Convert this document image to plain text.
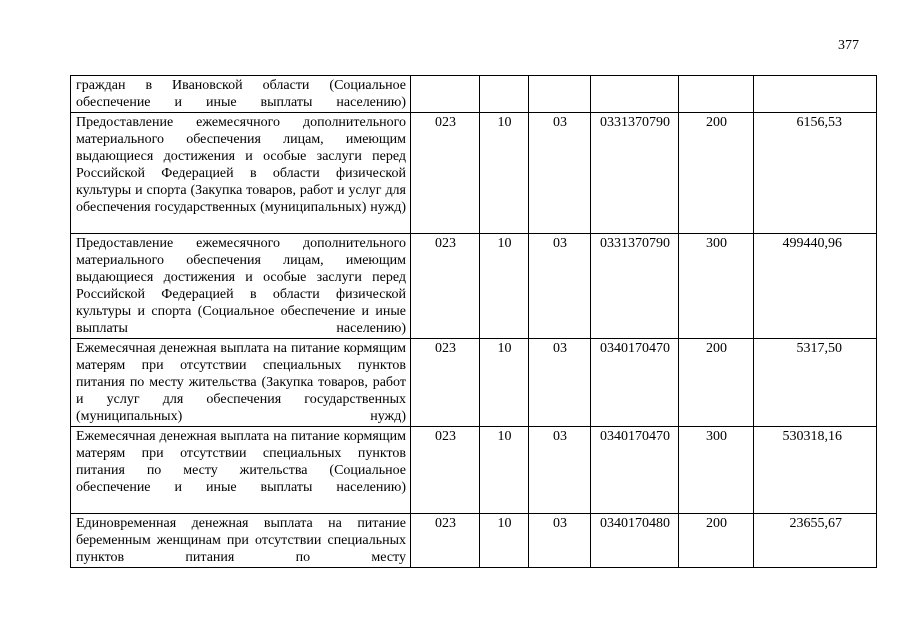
377
граждан в Ивановской области (Социальное обеспечение и иные выплаты населению)						
Предоставление ежемесячного дополнительного материального обеспечения лицам, имеющим выдающиеся достижения и особые заслуги перед Российской Федерацией в области физической культуры и спорта (Закупка товаров, работ и услуг для обеспечения государственных (муниципальных) нужд)	023	10	03	0331370790	200	6156,53
Предоставление ежемесячного дополнительного материального обеспечения лицам, имеющим выдающиеся достижения и особые заслуги перед Российской Федерацией в области физической культуры и спорта (Социальное обеспечение и иные выплаты населению)	023	10	03	0331370790	300	499440,96
Ежемесячная денежная выплата на питание кормящим матерям при отсутствии специальных пунктов питания по месту жительства (Закупка товаров, работ и услуг для обеспечения государственных (муниципальных) нужд)	023	10	03	0340170470	200	5317,50
Ежемесячная денежная выплата на питание кормящим матерям при отсутствии специальных пунктов питания по месту жительства (Социальное обеспечение и иные выплаты населению)	023	10	03	0340170470	300	530318,16
Единовременная денежная выплата на питание беременным женщинам при отсутствии специальных пунктов питания по месту	023	10	03	0340170480	200	23655,67
